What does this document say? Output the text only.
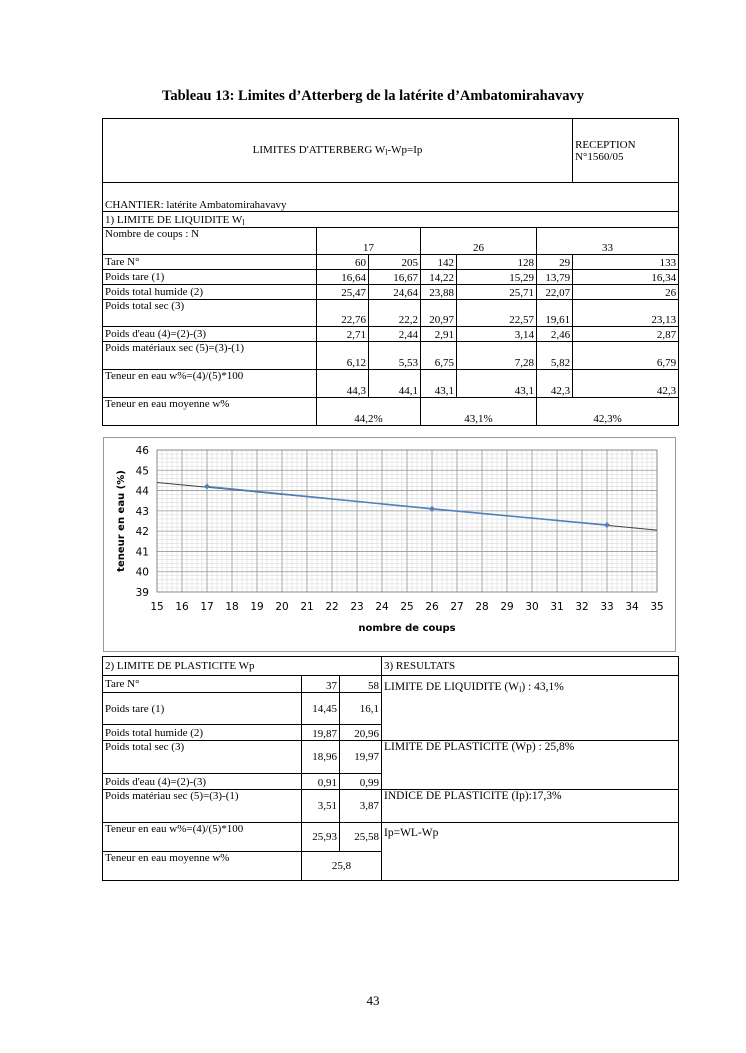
Tableau 13: Limites d’Atterberg de la latérite d’Ambatomirahavavy
LIMITES D'ATTERBERG $W_l-Wp=Ip$						RECEPTION
N°1560/05

CHANTIER: latérite Ambatomirahavavy						
1) LIMITE DE LIQUIDITE $W_l$
Nombre de coups : N	17		26		33	
Tare N°	60	205	142	128	29	133
Poids tare (1)	16,64	16,67	14,22	15,29	13,79	16,34
Poids total humide (2)	25,47	24,64	23,88	25,71	22,07	26
Poids total sec (3)	22,76	22,2	20,97	22,57	19,61	23,13
Poids d'eau (4)=(2)-(3)	2,71	2,44	2,91	3,14	2,46	2,87
Poids matériaux sec (5)=(3)-(1)	6,12	5,53	6,75	7,28	5,82	6,79
Teneur en eau w%=(4)/(5)*100	44,3	44,1	43,1	43,1	42,3	42,3
Teneur en eau moyenne w%	44,2%		43,1%		42,3%	
15 16 17 18 19 20 21 22 23 24 25 26 27 28 29 30 31 32 33 34 35
39
40
41
42
43
44
45
46
nombre de coups
teneur en eau (%)
2) LIMITE DE PLASTICITE Wp			3) RESULTATS
Tare N°	37	58	LIMITE DE LIQUIDITE $(W_l)$ : 43,1%
Poids tare (1)	14,45	16,1	
Poids total humide (2)	19,87	20,96	
Poids total sec (3)	18,96	19,97	LIMITE DE PLASTICITE (Wp) : 25,8%
Poids d'eau (4)=(2)-(3)	0,91	0,99	
Poids matériau sec (5)=(3)-(1)	3,51	3,87	INDICE DE PLASTICITE (Ip):17,3%
Teneur en eau w%=(4)/(5)*100	25,93	25,58	Ip=WL-Wp
Teneur en eau moyenne w%	25,8		
43
